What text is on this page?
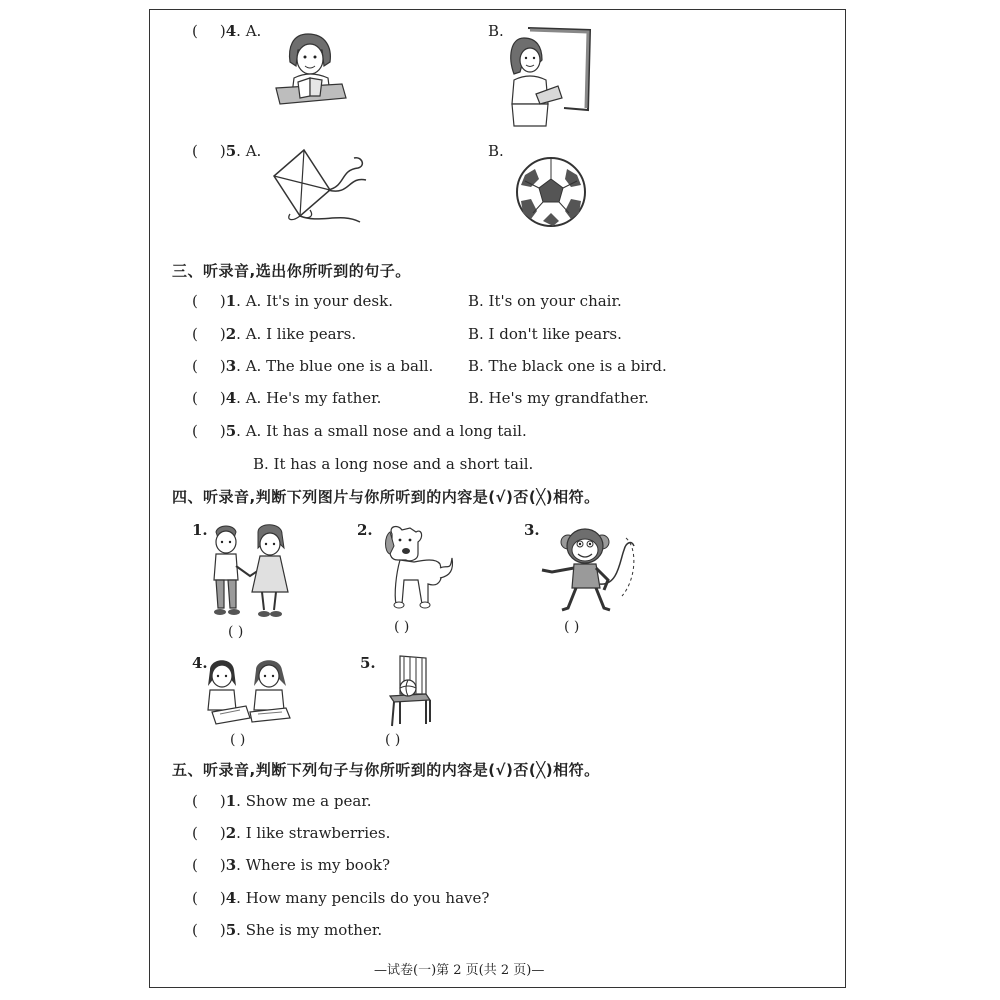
( )4. A.	B.
( )5. A.	B.
三、听录音,选出你所听到的句子。
( )1. A. It's in your desk.	B. It's on your chair.
( )2. A. I like pears.	B. I don't like pears.
( )3. A. The blue one is a ball. B. The black one is a bird.
( )4. A. He's my father.	B. He's my grandfather.
( )5. A. It has a small nose and a long tail.
B. It has a long nose and a short tail.
四、听录音,判断下列图片与你所听到的内容是(√)否(╳)相符。
1.	2.	3.
4.	5.
( )	( )	( )
( )	( )
五、听录音,判断下列句子与你所听到的内容是(√)否(╳)相符。
( )1. Show me a pear.
( )2. I like strawberries.
( )3. Where is my book?
( )4. How many pencils do you have?
( )5. She is my mother.
—试卷(一)第 2 页(共 2 页)—
